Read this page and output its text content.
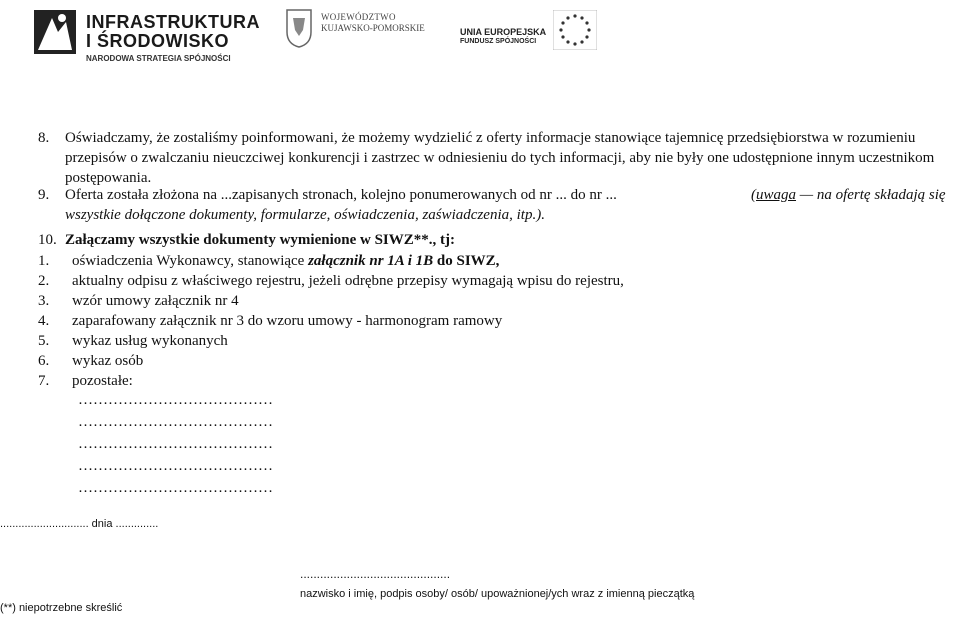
INFRASTRUKTURA
I ŚRODOWISKO
NARODOWA STRATEGIA SPÓJNOŚCI
WOJEWÓDZTWO
KUJAWSKO-POMORSKIE	UNIA EUROPEJSKA
FUNDUSZ SPÓJNOŚCI
8. Oświadczamy, że zostaliśmy poinformowani, że możemy wydzielić z oferty informacje stanowiące tajemnicę przedsiębiorstwa w rozumieniu
przepisów o zwalczaniu nieuczciwej konkurencji i zastrzec w odniesieniu do tych informacji, aby nie były one udostępnione innym uczestnikom
postępowania.
9. Oferta została złożona na ...zapisanych stronach, kolejno ponumerowanych od nr ... do nr ...	(uwaga — na ofertę składają się
wszystkie dołączone dokumenty, formularze, oświadczenia, zaświadczenia, itp.).
10. Załączamy wszystkie dokumenty wymienione w SIWZ**., tj:
1. oświadczenia Wykonawcy, stanowiące załącznik nr 1A i 1B do SIWZ,
2. aktualny odpisu z właściwego rejestru, jeżeli odrębne przepisy wymagają wpisu do rejestru,
3. wzór umowy załącznik nr 4
4. zaparafowany załącznik nr 3 do wzoru umowy - harmonogram ramowy
5. wykaz usług wykonanych
6. wykaz osób
7. pozostałe:
…………………………………
…………………………………
…………………………………
…………………………………
…………………………………
............................. dnia ..............
.............................................
nazwisko i imię, podpis osoby/ osób/ upoważnionej/ych wraz z imienną pieczątką
(**) niepotrzebne skreślić
